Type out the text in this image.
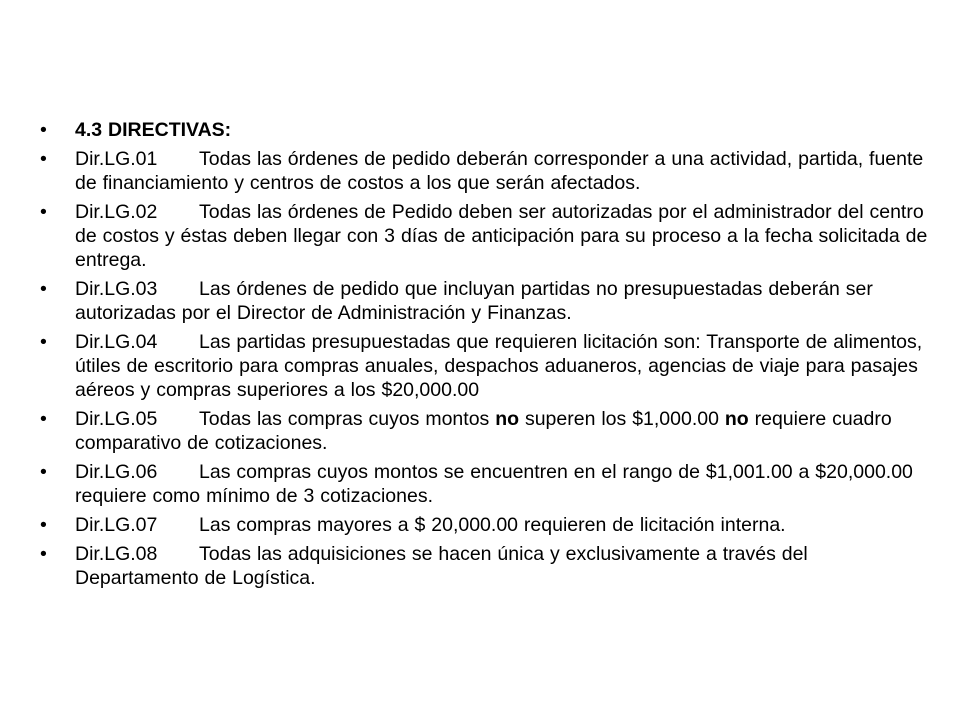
•	4.3 DIRECTIVAS:
•	Dir.LG.01 Todas las órdenes de pedido deberán corresponder a una actividad, partida, fuente de financiamiento y centros de costos a los que serán afectados.
•	Dir.LG.02 Todas las órdenes de Pedido deben ser autorizadas por el administrador del centro de costos y éstas deben llegar con 3 días de anticipación para su proceso a la fecha solicitada de entrega.
•	Dir.LG.03 Las órdenes de pedido que incluyan partidas no presupuestadas deberán ser autorizadas por el Director de Administración y Finanzas.
•	Dir.LG.04 Las partidas presupuestadas que requieren licitación son: Transporte de alimentos, útiles de escritorio para compras anuales, despachos aduaneros, agencias de viaje para pasajes aéreos y compras superiores a los $20,000.00
•	Dir.LG.05 Todas las compras cuyos montos no superen los $1,000.00 no requiere cuadro comparativo de cotizaciones.
•	Dir.LG.06 Las compras cuyos montos se encuentren en el rango de $1,001.00 a $20,000.00 requiere como mínimo de 3 cotizaciones.
•	Dir.LG.07 Las compras mayores a $ 20,000.00 requieren de licitación interna.
•	Dir.LG.08 Todas las adquisiciones se hacen única y exclusivamente a través del Departamento de Logística.
